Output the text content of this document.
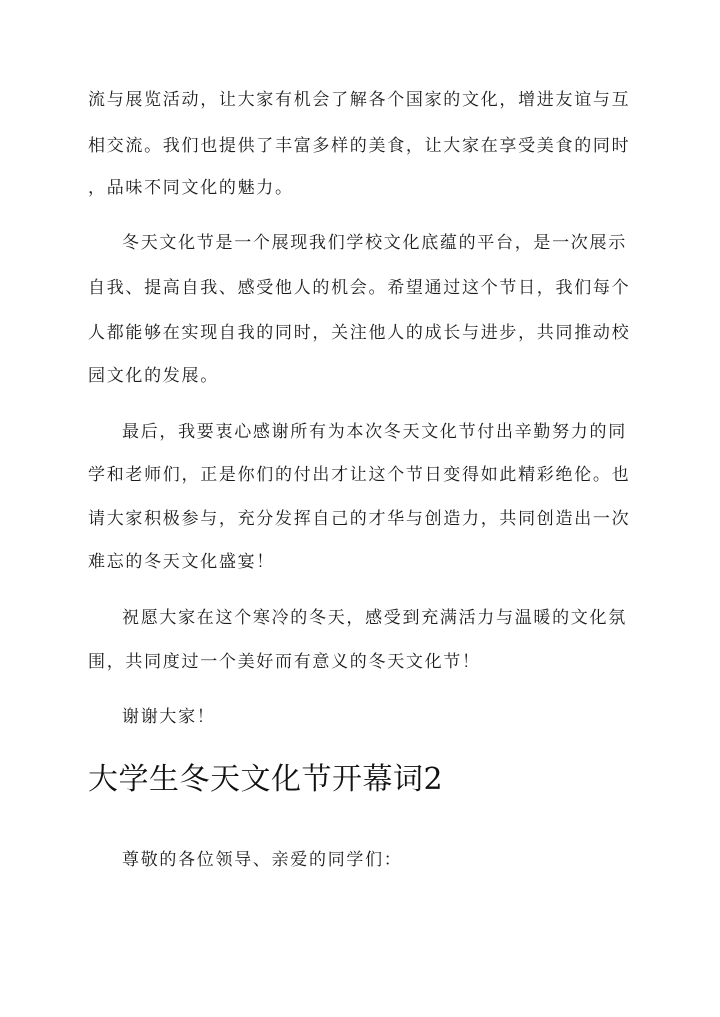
流与展览活动，让大家有机会了解各个国家的文化，增进友谊与互
相交流。我们也提供了丰富多样的美食，让大家在享受美食的同时
，品味不同文化的魅力。
冬天文化节是一个展现我们学校文化底蕴的平台，是一次展示
自我、提高自我、感受他人的机会。希望通过这个节日，我们每个
人都能够在实现自我的同时，关注他人的成长与进步，共同推动校
园文化的发展。
最后，我要衷心感谢所有为本次冬天文化节付出辛勤努力的同
学和老师们，正是你们的付出才让这个节日变得如此精彩绝伦。也
请大家积极参与，充分发挥自己的才华与创造力，共同创造出一次
难忘的冬天文化盛宴！
祝愿大家在这个寒冷的冬天，感受到充满活力与温暖的文化氛
围，共同度过一个美好而有意义的冬天文化节！
谢谢大家！
大学生冬天文化节开幕词2
尊敬的各位领导、亲爱的同学们：
